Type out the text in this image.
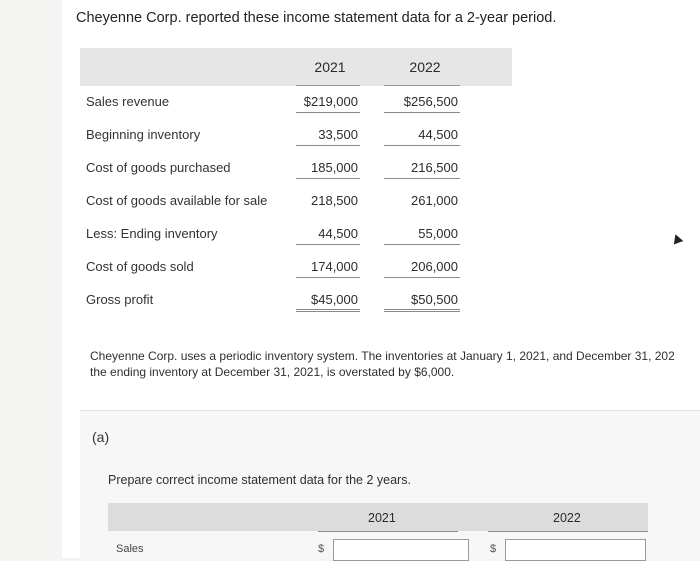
Cheyenne Corp. reported these income statement data for a 2-year period.
2021	2022
Sales revenue	$219,000	$256,500
Beginning inventory	33,500	44,500
Cost of goods purchased	185,000	216,500
Cost of goods available for sale	218,500	261,000
Less: Ending inventory	44,500	55,000
Cost of goods sold	174,000	206,000
Gross profit	$45,000	$50,500
Cheyenne Corp. uses a periodic inventory system. The inventories at January 1, 2021, and December 31, 202
the ending inventory at December 31, 2021, is overstated by $6,000.
(a)
Prepare correct income statement data for the 2 years.
2021	2022
Sales	$	$
